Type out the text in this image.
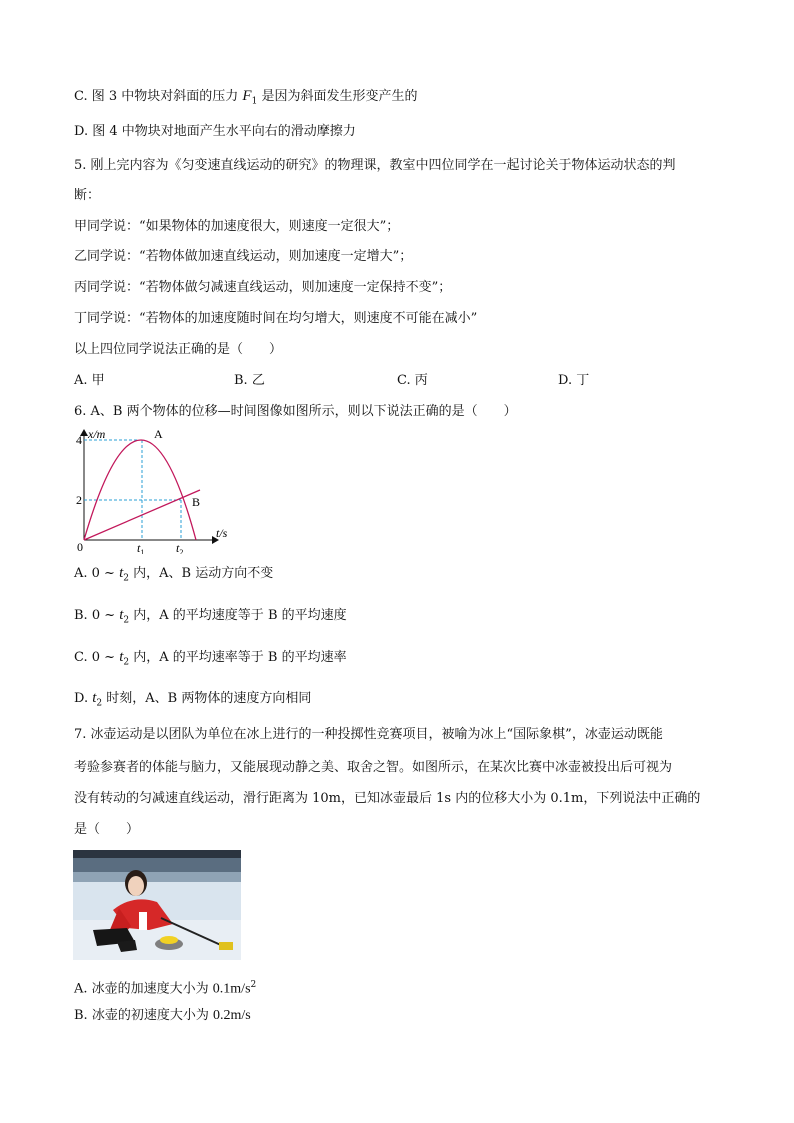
C. 图 3 中物块对斜面的压力 $F_1$ 是因为斜面发生形变产生的
D. 图 4 中物块对地面产生水平向右的滑动摩擦力
5. 刚上完内容为《匀变速直线运动的研究》的物理课，教室中四位同学在一起讨论关于物体运动状态的判
断：
甲同学说：“如果物体的加速度很大，则速度一定很大”；
乙同学说：“若物体做加速直线运动，则加速度一定增大”；
丙同学说：“若物体做匀减速直线运动，则加速度一定保持不变”；
丁同学说：“若物体的加速度随时间在均匀增大，则速度不可能在减小”
以上四位同学说法正确的是（　　）
A. 甲	B. 乙	C. 丙	D. 丁
6. A、B 两个物体的位移—时间图像如图所示，则以下说法正确的是（　　）
x/m
t/s
4
2
0	$t_1$	$t_2$
A
B
A. 0 ~ $t_2$ 内，A、B 运动方向不变
B. 0 ~ $t_2$ 内，A 的平均速度等于 B 的平均速度
C. 0 ~ $t_2$ 内，A 的平均速率等于 B 的平均速率
D. $t_2$ 时刻，A、B 两物体的速度方向相同
7. 冰壶运动是以团队为单位在冰上进行的一种投掷性竞赛项目，被喻为冰上“国际象棋”，冰壶运动既能
考验参赛者的体能与脑力，又能展现动静之美、取舍之智。如图所示，在某次比赛中冰壶被投出后可视为
没有转动的匀减速直线运动，滑行距离为 10m，已知冰壶最后 1s 内的位移大小为 0.1m，下列说法中正确的
是（　　）
A. 冰壶的加速度大小为 $0.1m/s^2$
B. 冰壶的初速度大小为 0.2m/s
